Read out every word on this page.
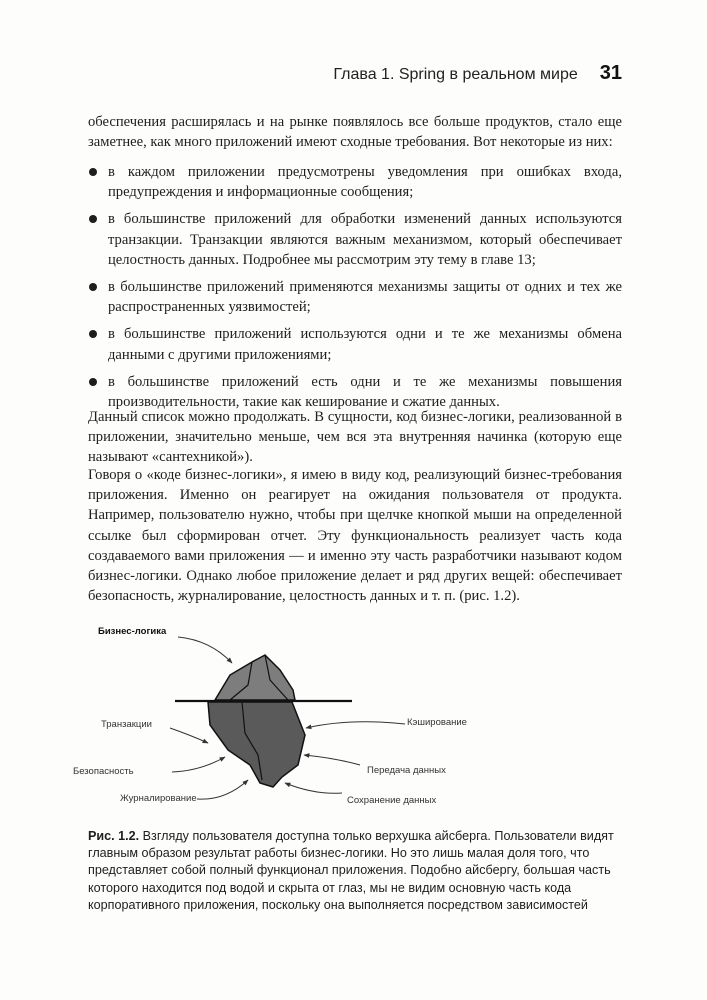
Глава 1. Spring в реальном мире 31

обеспечения расширялась и на рынке появлялось все больше продуктов, стало еще заметнее, как много приложений имеют сходные требования. Вот некоторые из них:

в каждом приложении предусмотрены уведомления при ошибках входа, предупреждения и информационные сообщения;
в большинстве приложений для обработки изменений данных используются транзакции. Транзакции являются важным механизмом, который обеспечивает целостность данных. Подробнее мы рассмотрим эту тему в главе 13;
в большинстве приложений применяются механизмы защиты от одних и тех же распространенных уязвимостей;
в большинстве приложений используются одни и те же механизмы обмена данными с другими приложениями;
в большинстве приложений есть одни и те же механизмы повышения производительности, такие как кеширование и сжатие данных.

Данный список можно продолжать. В сущности, код бизнес-логики, реализованной в приложении, значительно меньше, чем вся эта внутренняя начинка (которую еще называют «сантехникой»).

Говоря о «коде бизнес-логики», я имею в виду код, реализующий бизнес-требования приложения. Именно он реагирует на ожидания пользователя от продукта. Например, пользователю нужно, чтобы при щелчке кнопкой мыши на определенной ссылке был сформирован отчет. Эту функциональность реализует часть кода создаваемого вами приложения — и именно эту часть разработчики называют кодом бизнес-логики. Однако любое приложение делает и ряд других вещей: обеспечивает безопасность, журналирование, целостность данных и т. п. (рис. 1.2).

Бизнес-логика
Транзакции
Безопасность
Журналирование
Кэширование
Передача данных
Сохранение данных
Рис. 1.2. Взгляду пользователя доступна только верхушка айсберга. Пользователи видят главным образом результат работы бизнес-логики. Но это лишь малая доля того, что представляет собой полный функционал приложения. Подобно айсбергу, большая часть которого находится под водой и скрыта от глаз, мы не видим основную часть кода корпоративного приложения, поскольку она выполняется посредством зависимостей
